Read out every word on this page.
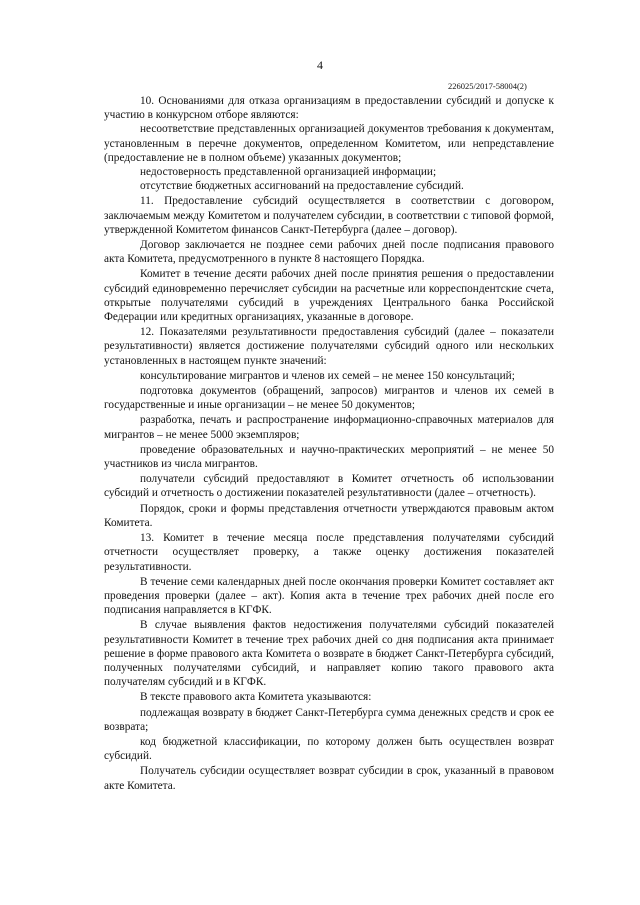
4
226025/2017-58004(2)

10. Основаниями для отказа организациям в предоставлении субсидий и допуске к участию в конкурсном отборе являются:

несоответствие представленных организацией документов требования к документам, установленным в перечне документов, определенном Комитетом, или непредставление (предоставление не в полном объеме) указанных документов;

недостоверность представленной организацией информации;

отсутствие бюджетных ассигнований на предоставление субсидий.

11. Предоставление субсидий осуществляется в соответствии с договором, заключаемым между Комитетом и получателем субсидии, в соответствии с типовой формой, утвержденной Комитетом финансов Санкт-Петербурга (далее – договор).

Договор заключается не позднее семи рабочих дней после подписания правового акта Комитета, предусмотренного в пункте 8 настоящего Порядка.

Комитет в течение десяти рабочих дней после принятия решения о предоставлении субсидий единовременно перечисляет субсидии на расчетные или корреспондентские счета, открытые получателями субсидий в учреждениях Центрального банка Российской Федерации или кредитных организациях, указанные в договоре.

12. Показателями результативности предоставления субсидий (далее – показатели результативности) является достижение получателями субсидий одного или нескольких установленных в настоящем пункте значений:

консультирование мигрантов и членов их семей – не менее 150 консультаций;

подготовка документов (обращений, запросов) мигрантов и членов их семей в государственные и иные организации – не менее 50 документов;

разработка, печать и распространение информационно-справочных материалов для мигрантов – не менее 5000 экземпляров;

проведение образовательных и научно-практических мероприятий – не менее 50 участников из числа мигрантов.

получатели субсидий предоставляют в Комитет отчетность об использовании субсидий и отчетность о достижении показателей результативности (далее – отчетность).

Порядок, сроки и формы представления отчетности утверждаются правовым актом Комитета.

13. Комитет в течение месяца после представления получателями субсидий отчетности осуществляет проверку, а также оценку достижения показателей результативности.

В течение семи календарных дней после окончания проверки Комитет составляет акт проведения проверки (далее – акт). Копия акта в течение трех рабочих дней после его подписания направляется в КГФК.

В случае выявления фактов недостижения получателями субсидий показателей результативности Комитет в течение трех рабочих дней со дня подписания акта принимает решение в форме правового акта Комитета о возврате в бюджет Санкт-Петербурга субсидий, полученных получателями субсидий, и направляет копию такого правового акта получателям субсидий и в КГФК.

В тексте правового акта Комитета указываются:

подлежащая возврату в бюджет Санкт-Петербурга сумма денежных средств и срок ее возврата;

код бюджетной классификации, по которому должен быть осуществлен возврат субсидий.

Получатель субсидии осуществляет возврат субсидии в срок, указанный в правовом акте Комитета.
